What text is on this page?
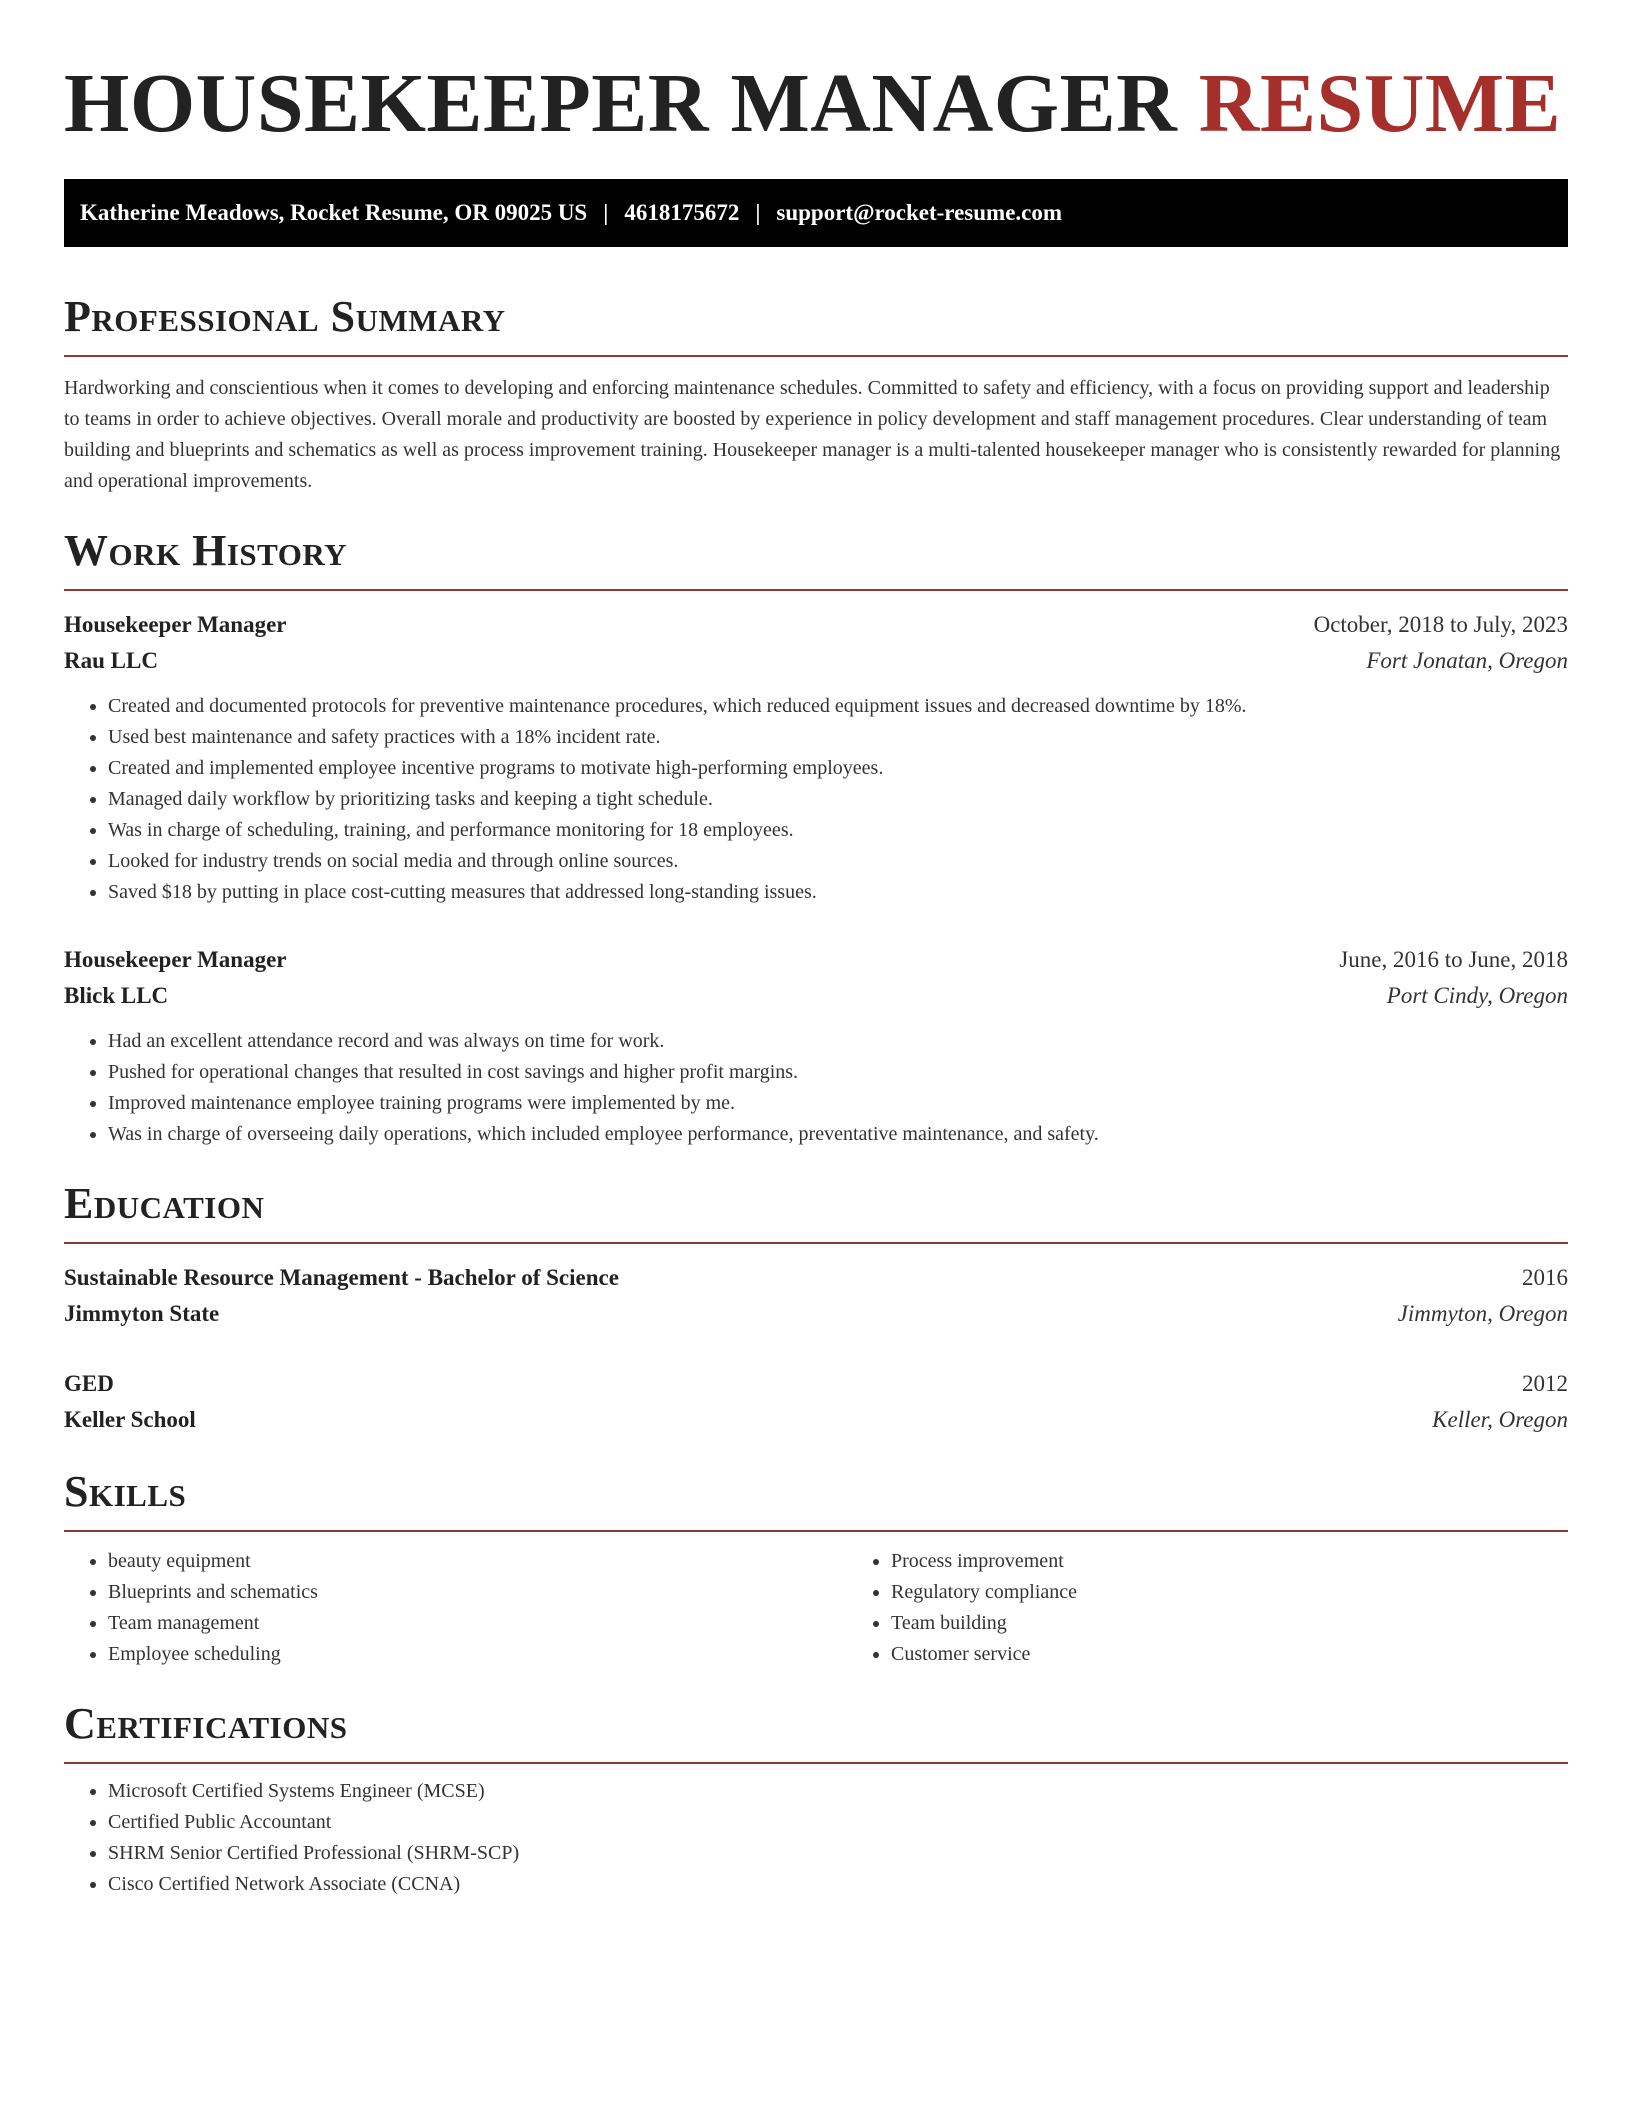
HOUSEKEEPER MANAGER RESUME
Katherine Meadows, Rocket Resume, OR 09025 US | 4618175672 | support@rocket-resume.com
Professional Summary

Hardworking and conscientious when it comes to developing and enforcing maintenance schedules. Committed to safety and efficiency, with a focus on providing support and leadership to teams in order to achieve objectives. Overall morale and productivity are boosted by experience in policy development and staff management procedures. Clear understanding of team building and blueprints and schematics as well as process improvement training. Housekeeper manager is a multi-talented housekeeper manager who is consistently rewarded for planning and operational improvements.

Work History
Housekeeper Manager	October, 2018 to July, 2023
Rau LLC	Fort Jonatan, Oregon
• Created and documented protocols for preventive maintenance procedures, which reduced equipment issues and decreased downtime by 18%.
• Used best maintenance and safety practices with a 18% incident rate.
• Created and implemented employee incentive programs to motivate high-performing employees.
• Managed daily workflow by prioritizing tasks and keeping a tight schedule.
• Was in charge of scheduling, training, and performance monitoring for 18 employees.
• Looked for industry trends on social media and through online sources.
• Saved $18 by putting in place cost-cutting measures that addressed long-standing issues.
Housekeeper Manager	June, 2016 to June, 2018
Blick LLC	Port Cindy, Oregon
• Had an excellent attendance record and was always on time for work.
• Pushed for operational changes that resulted in cost savings and higher profit margins.
• Improved maintenance employee training programs were implemented by me.
• Was in charge of overseeing daily operations, which included employee performance, preventative maintenance, and safety.
Education
Sustainable Resource Management - Bachelor of Science	2016
Jimmyton State	Jimmyton, Oregon
GED	2012
Keller School	Keller, Oregon
Skills
• beauty equipment
• Blueprints and schematics
• Team management
• Employee scheduling
• Process improvement
• Regulatory compliance
• Team building
• Customer service
Certifications
• Microsoft Certified Systems Engineer (MCSE)
• Certified Public Accountant
• SHRM Senior Certified Professional (SHRM-SCP)
• Cisco Certified Network Associate (CCNA)
